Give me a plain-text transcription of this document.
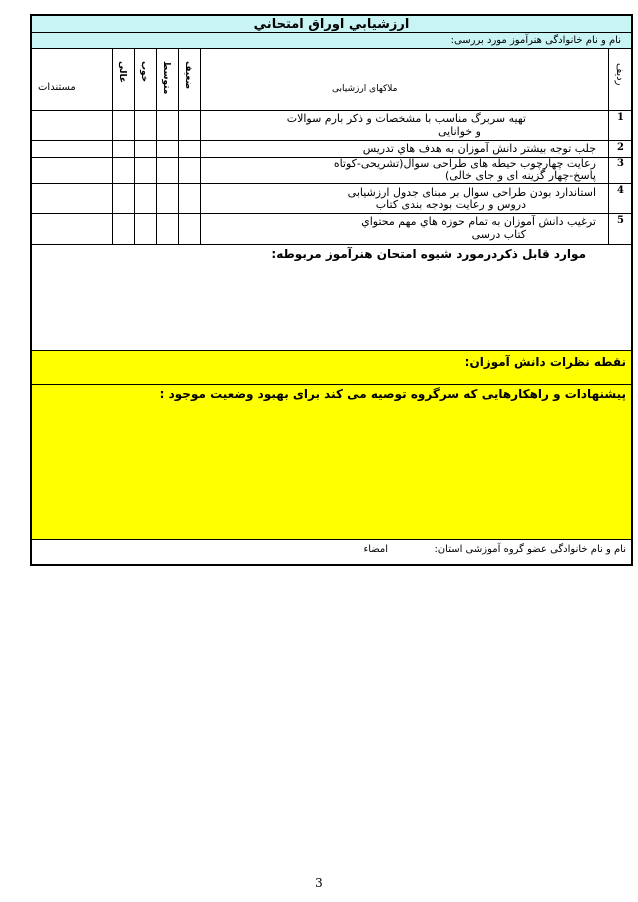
ارزشیابي اوراق امتحاني
نام و نام خانوادگی هنرآموز مورد بررسی:
مستندات
عالی خوب متوسط ضعیف	ملاکهای ارزشیابی
ردیف
1
تهیه سربرگ مناسب با مشخصات و ذکر بارم سوالات
و خوانایی
2
جلب توجه بیشتر دانش آموزان به هدف هاي تدریس
3
رعایت چهارچوب حیطه های طراحی سوال(تشریحی-کوتاه
پاسخ-چهار گزینه ای و جای خالی)
4
استاندارد بودن طراحی سوال بر مبنای جدول ارزشیابی
دروس و رعایت بودجه بندی کتاب
5
ترغیب دانش آموزان به تمام حوزه هاي مهم محتواي
کتاب درسی
موارد قابل ذکردرمورد شیوه امتحان هنرآموز مربوطه:
نقطه نظرات دانش آموزان:
پیشنهادات و راهکارهایی که سرگروه توصیه می کند برای بهبود وضعیت موجود :
نام و نام خانوادگی عضو گروه آموزشی استان:  امضاء
3
